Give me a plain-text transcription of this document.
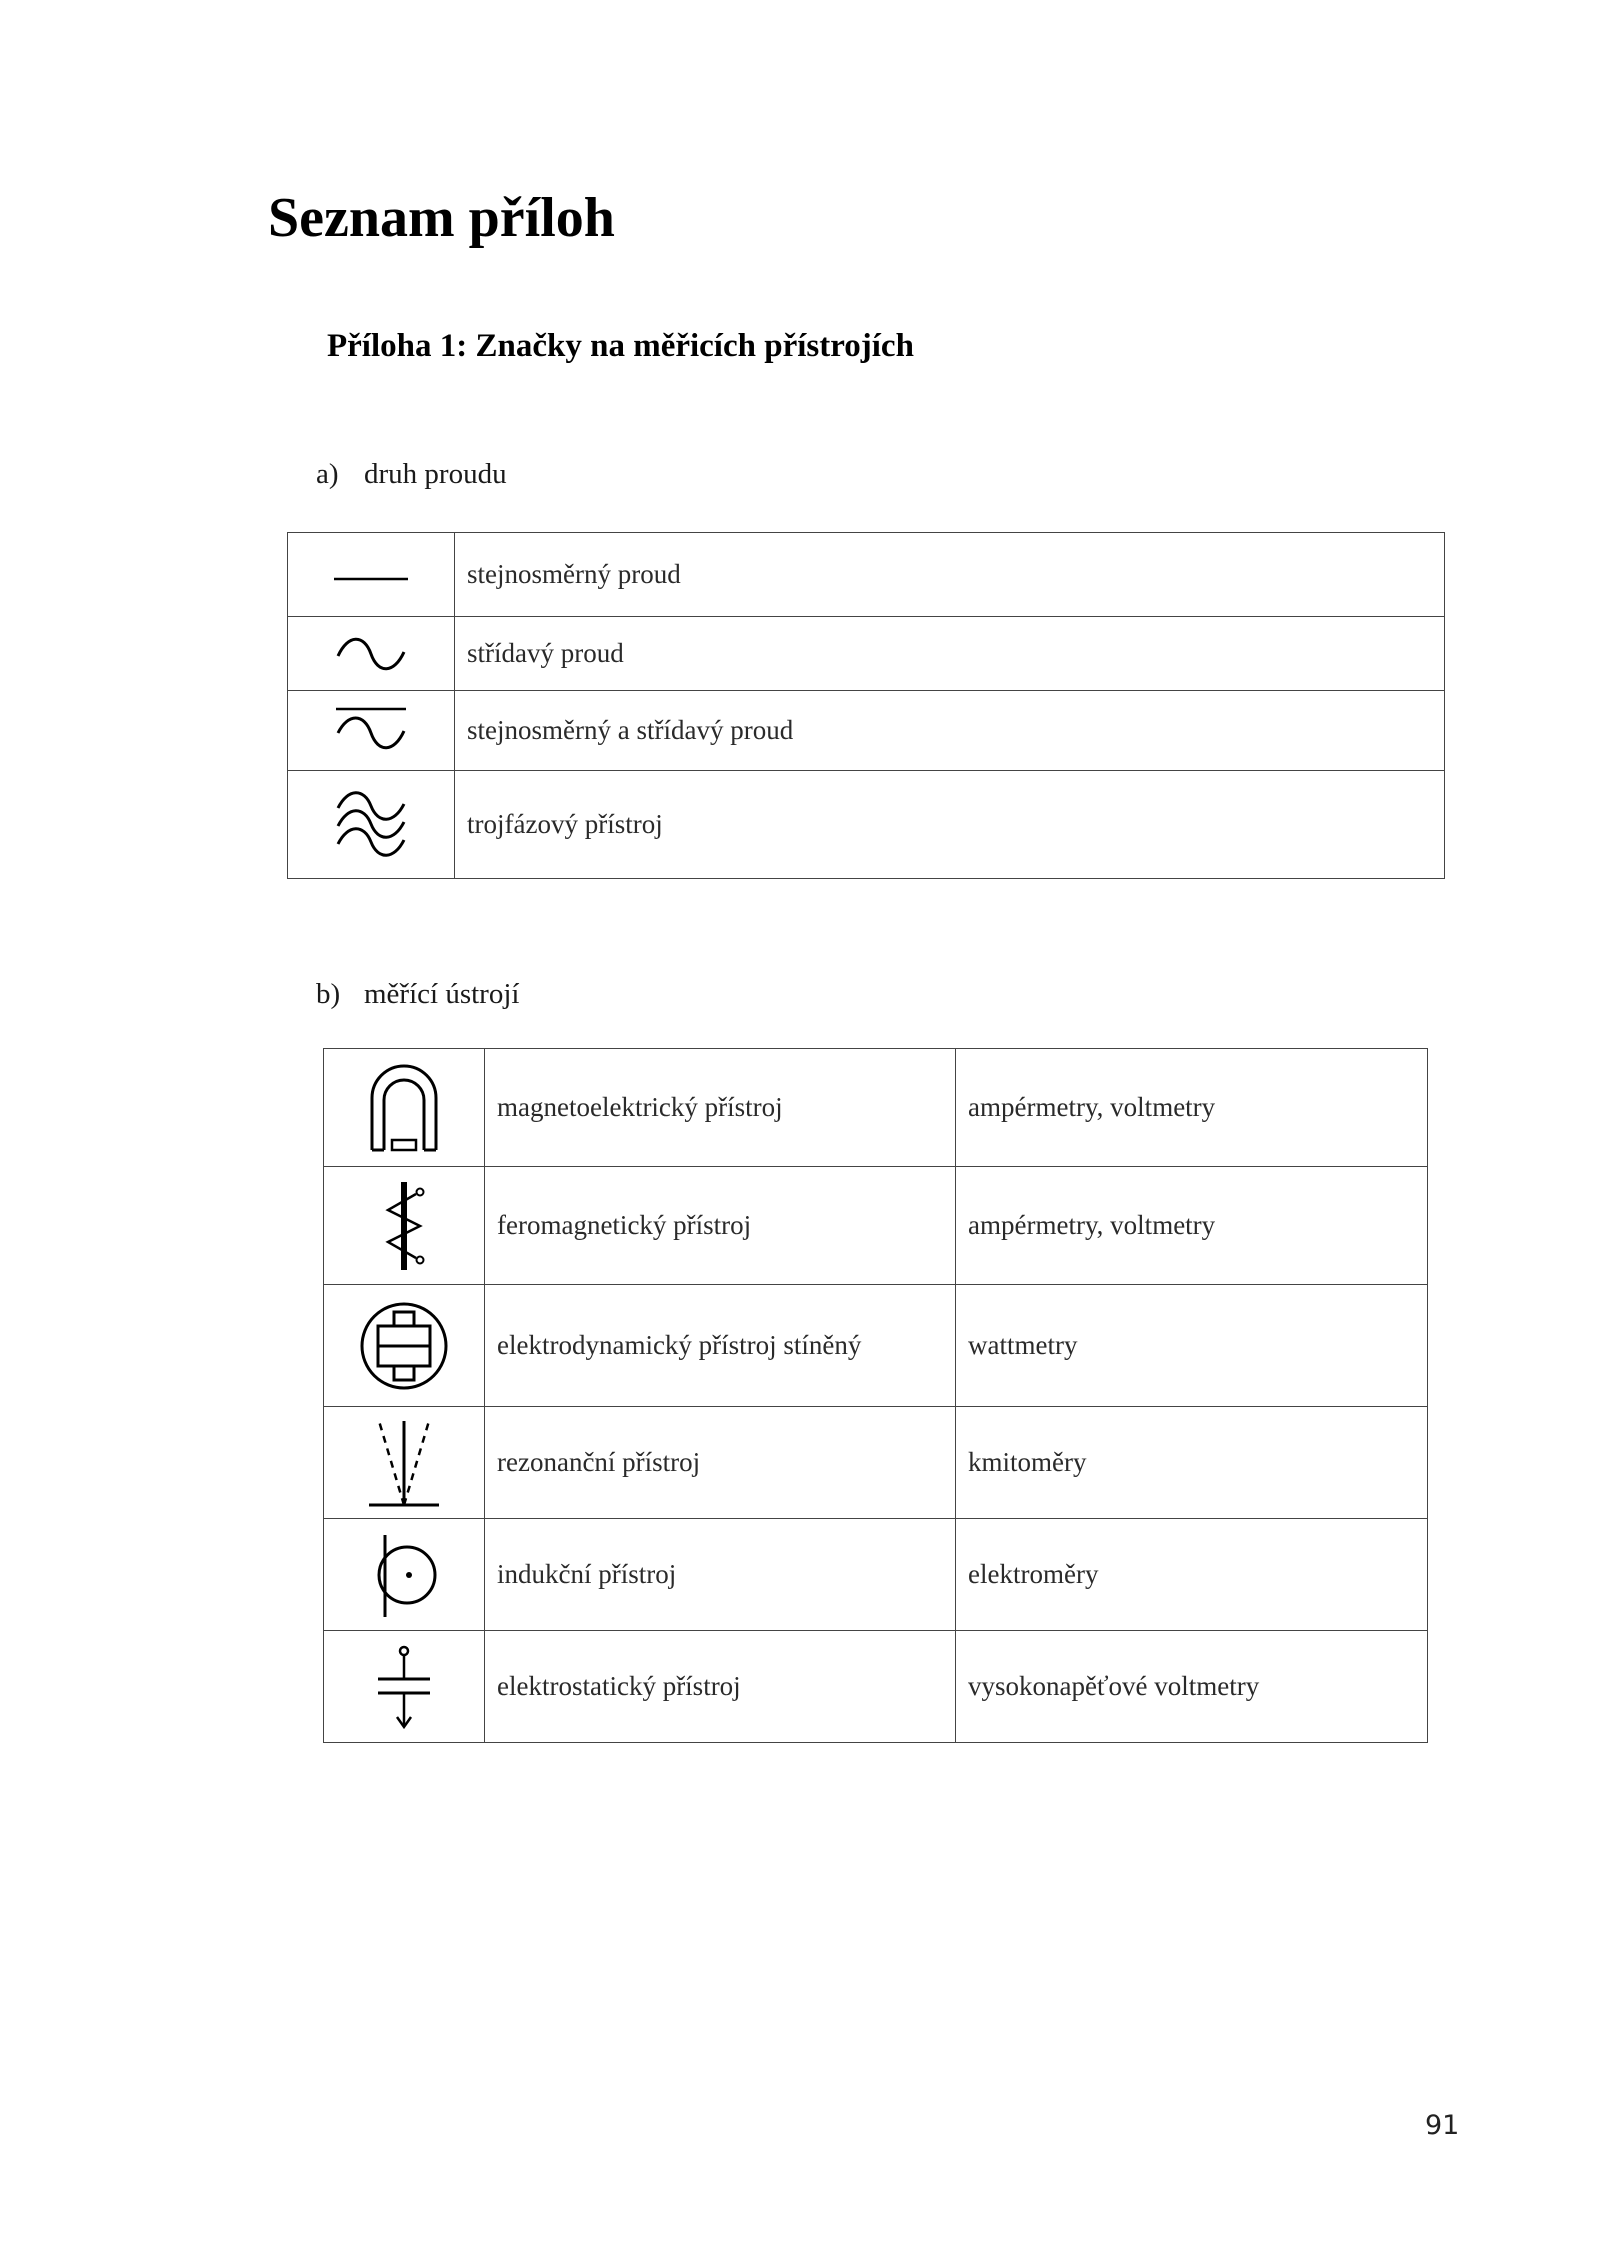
Seznam příloh
Příloha 1: Značky na měřicích přístrojích
a) druh proudu
	stejnosměrný proud

	střídavý proud

	stejnosměrný a střídavý proud

	trojfázový přístroj
b) měřící ústrojí
	magnetoelektrický přístroj	ampérmetry, voltmetry

	feromagnetický přístroj	ampérmetry, voltmetry

	elektrodynamický přístroj stíněný	wattmetry

	rezonanční přístroj	kmitoměry

	indukční přístroj	elektroměry

	elektrostatický přístroj	vysokonapěťové voltmetry
91
